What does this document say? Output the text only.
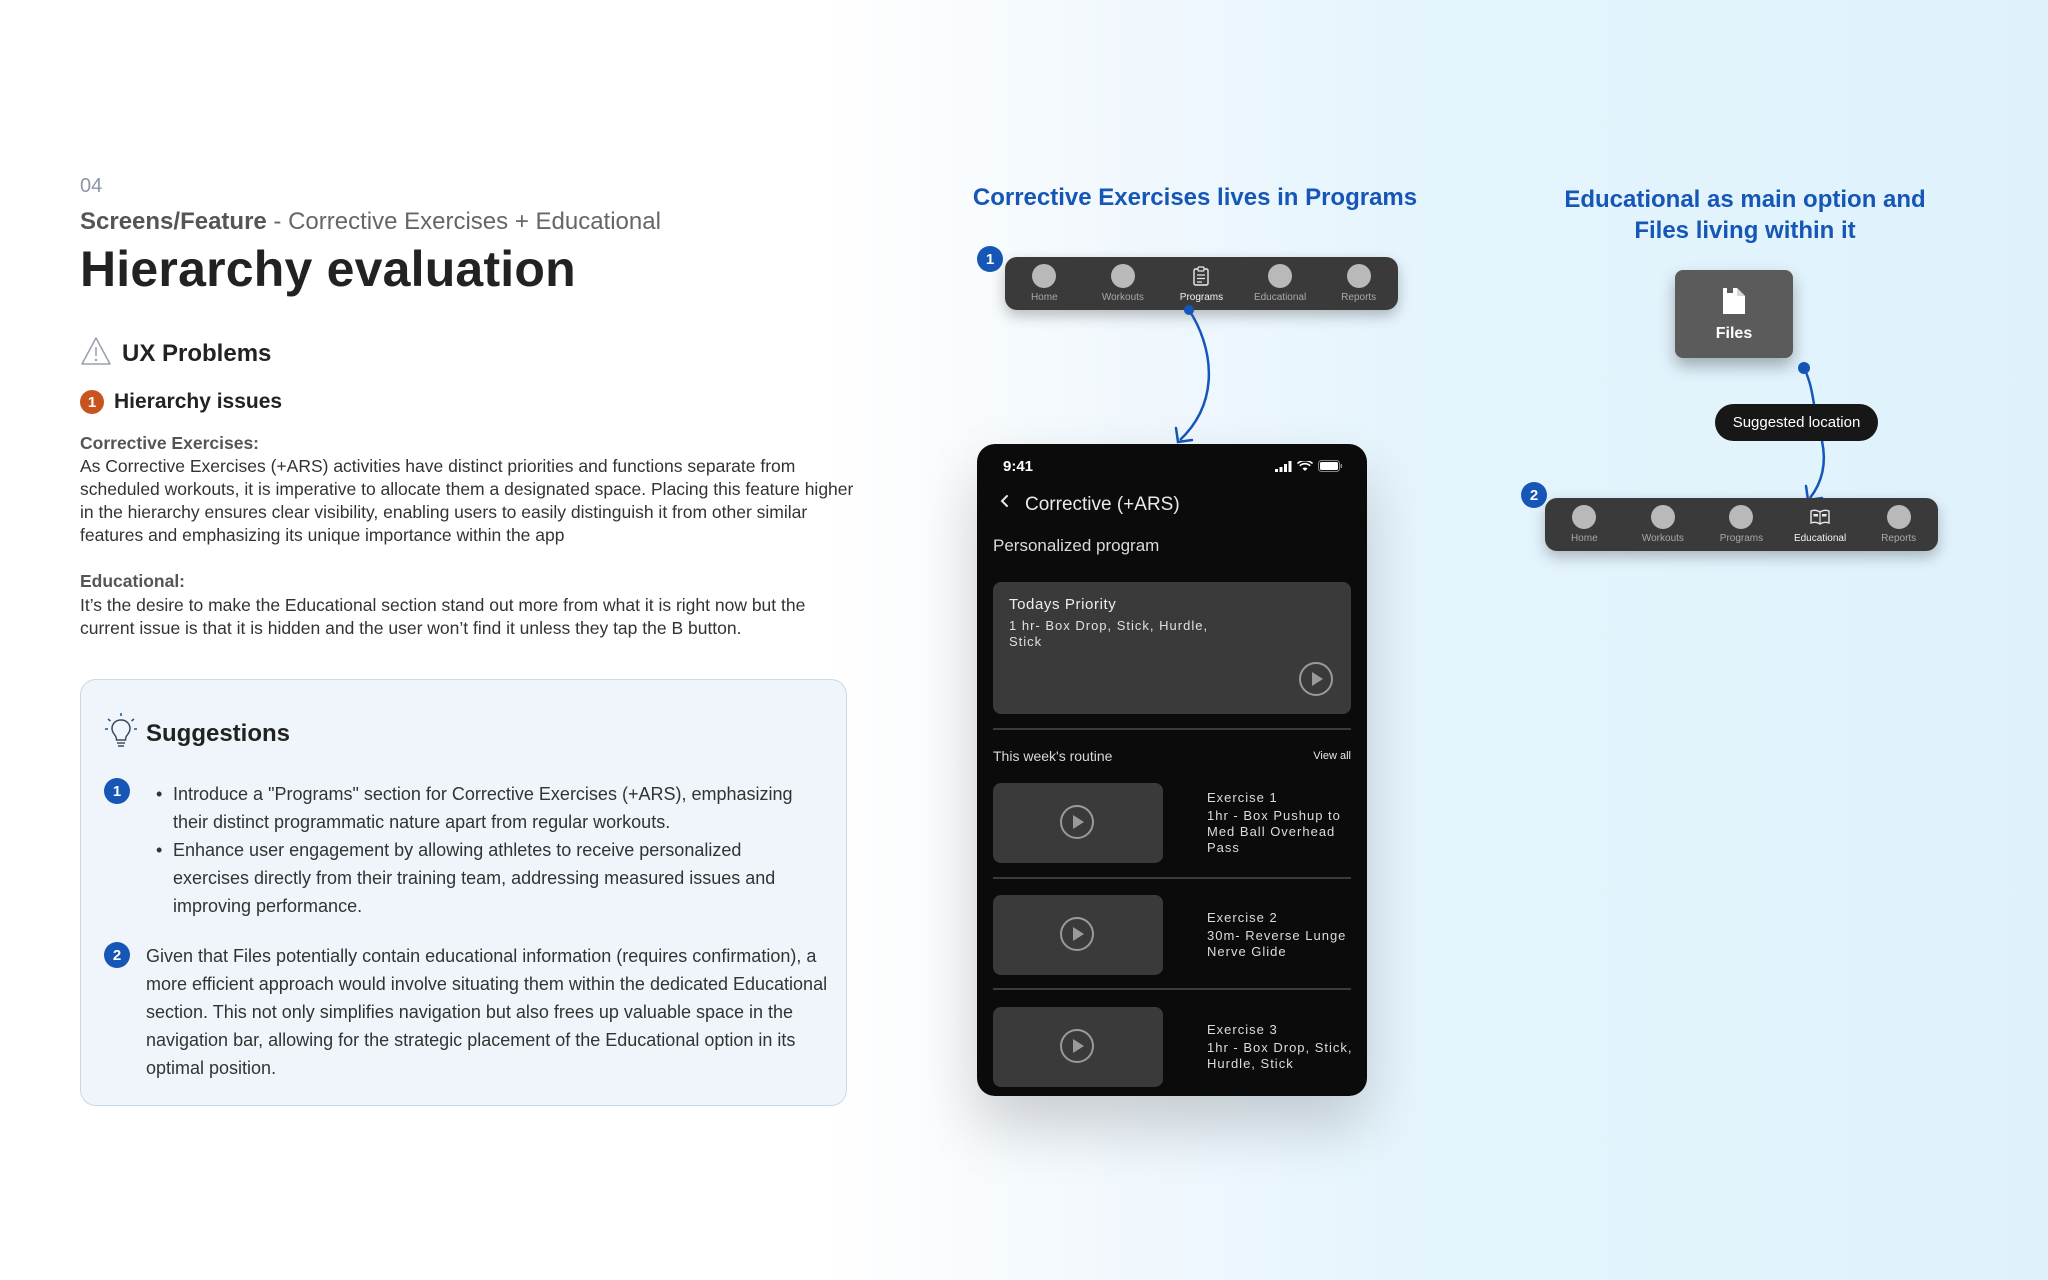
04
Screens/Feature - Corrective Exercises + Educational
Hierarchy evaluation
UX Problems
1 Hierarchy issues
Corrective Exercises:
As Corrective Exercises (+ARS) activities have distinct priorities and functions separate from scheduled workouts, it is imperative to allocate them a designated space. Placing this feature higher in the hierarchy ensures clear visibility, enabling users to easily distinguish it from other similar features and emphasizing its unique importance within the app
Educational:
It’s the desire to make the Educational section stand out more from what it is right now but the current issue is that it is hidden and the user won’t find it unless they tap the B button.
Suggestions
1
•	Introduce a "Programs" section for Corrective Exercises (+ARS), emphasizing their distinct programmatic nature apart from regular workouts.
• Enhance user engagement by allowing athletes to receive personalized exercises directly from their training team, addressing measured issues and improving performance.
2	Given that Files potentially contain educational information (requires confirmation), a more efficient approach would involve situating them within the dedicated Educational section. This not only simplifies navigation but also frees up valuable space in the navigation bar, allowing for the strategic placement of the Educational option in its optimal position.
Corrective Exercises lives in Programs
1
Home	Workouts	Programs	Educational	Reports
9:41
Corrective (+ARS)
Personalized program
Todays Priority
1 hr- Box Drop, Stick, Hurdle, Stick
This week's routine	View all
Exercise 1
1hr - Box Pushup to Med Ball Overhead Pass
Exercise 2
30m- Reverse Lunge Nerve Glide
Exercise 3
1hr - Box Drop, Stick, Hurdle, Stick
Educational as main option and
Files living within it
Files
Suggested location
2
Home	Workouts	Programs	Educational	Reports
